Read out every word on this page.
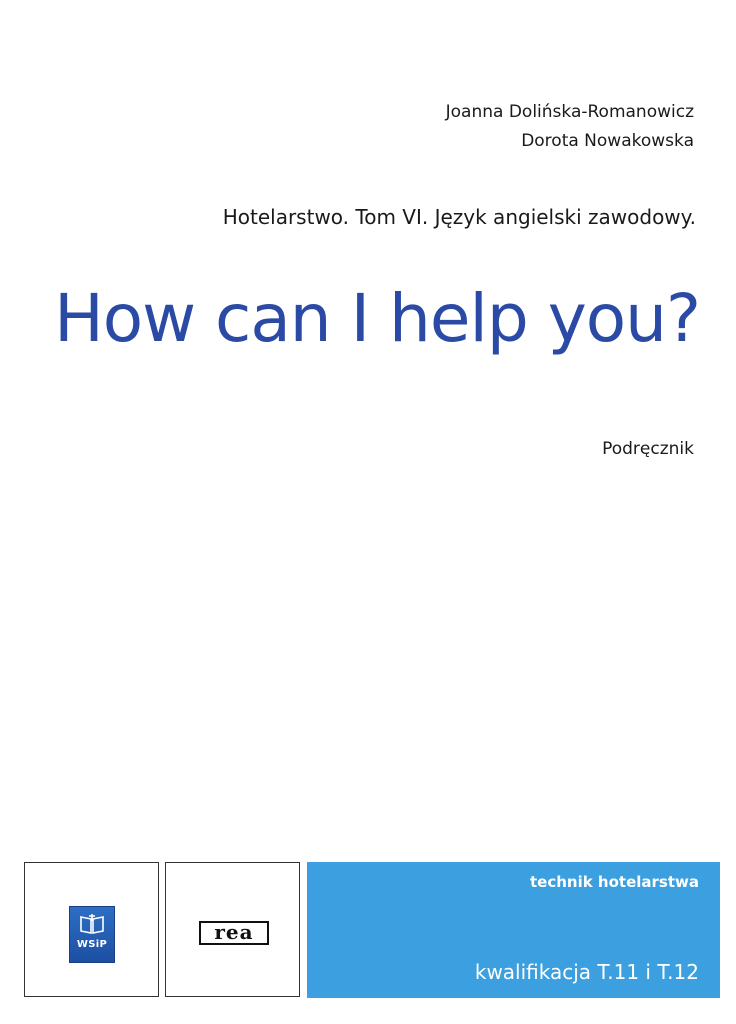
Joanna Dolińska-Romanowicz
Dorota Nowakowska
Hotelarstwo. Tom VI. Język angielski zawodowy.
How can I help you?
Podręcznik
WSiP
rea
technik hotelarstwa
kwalifikacja T.11 i T.12
